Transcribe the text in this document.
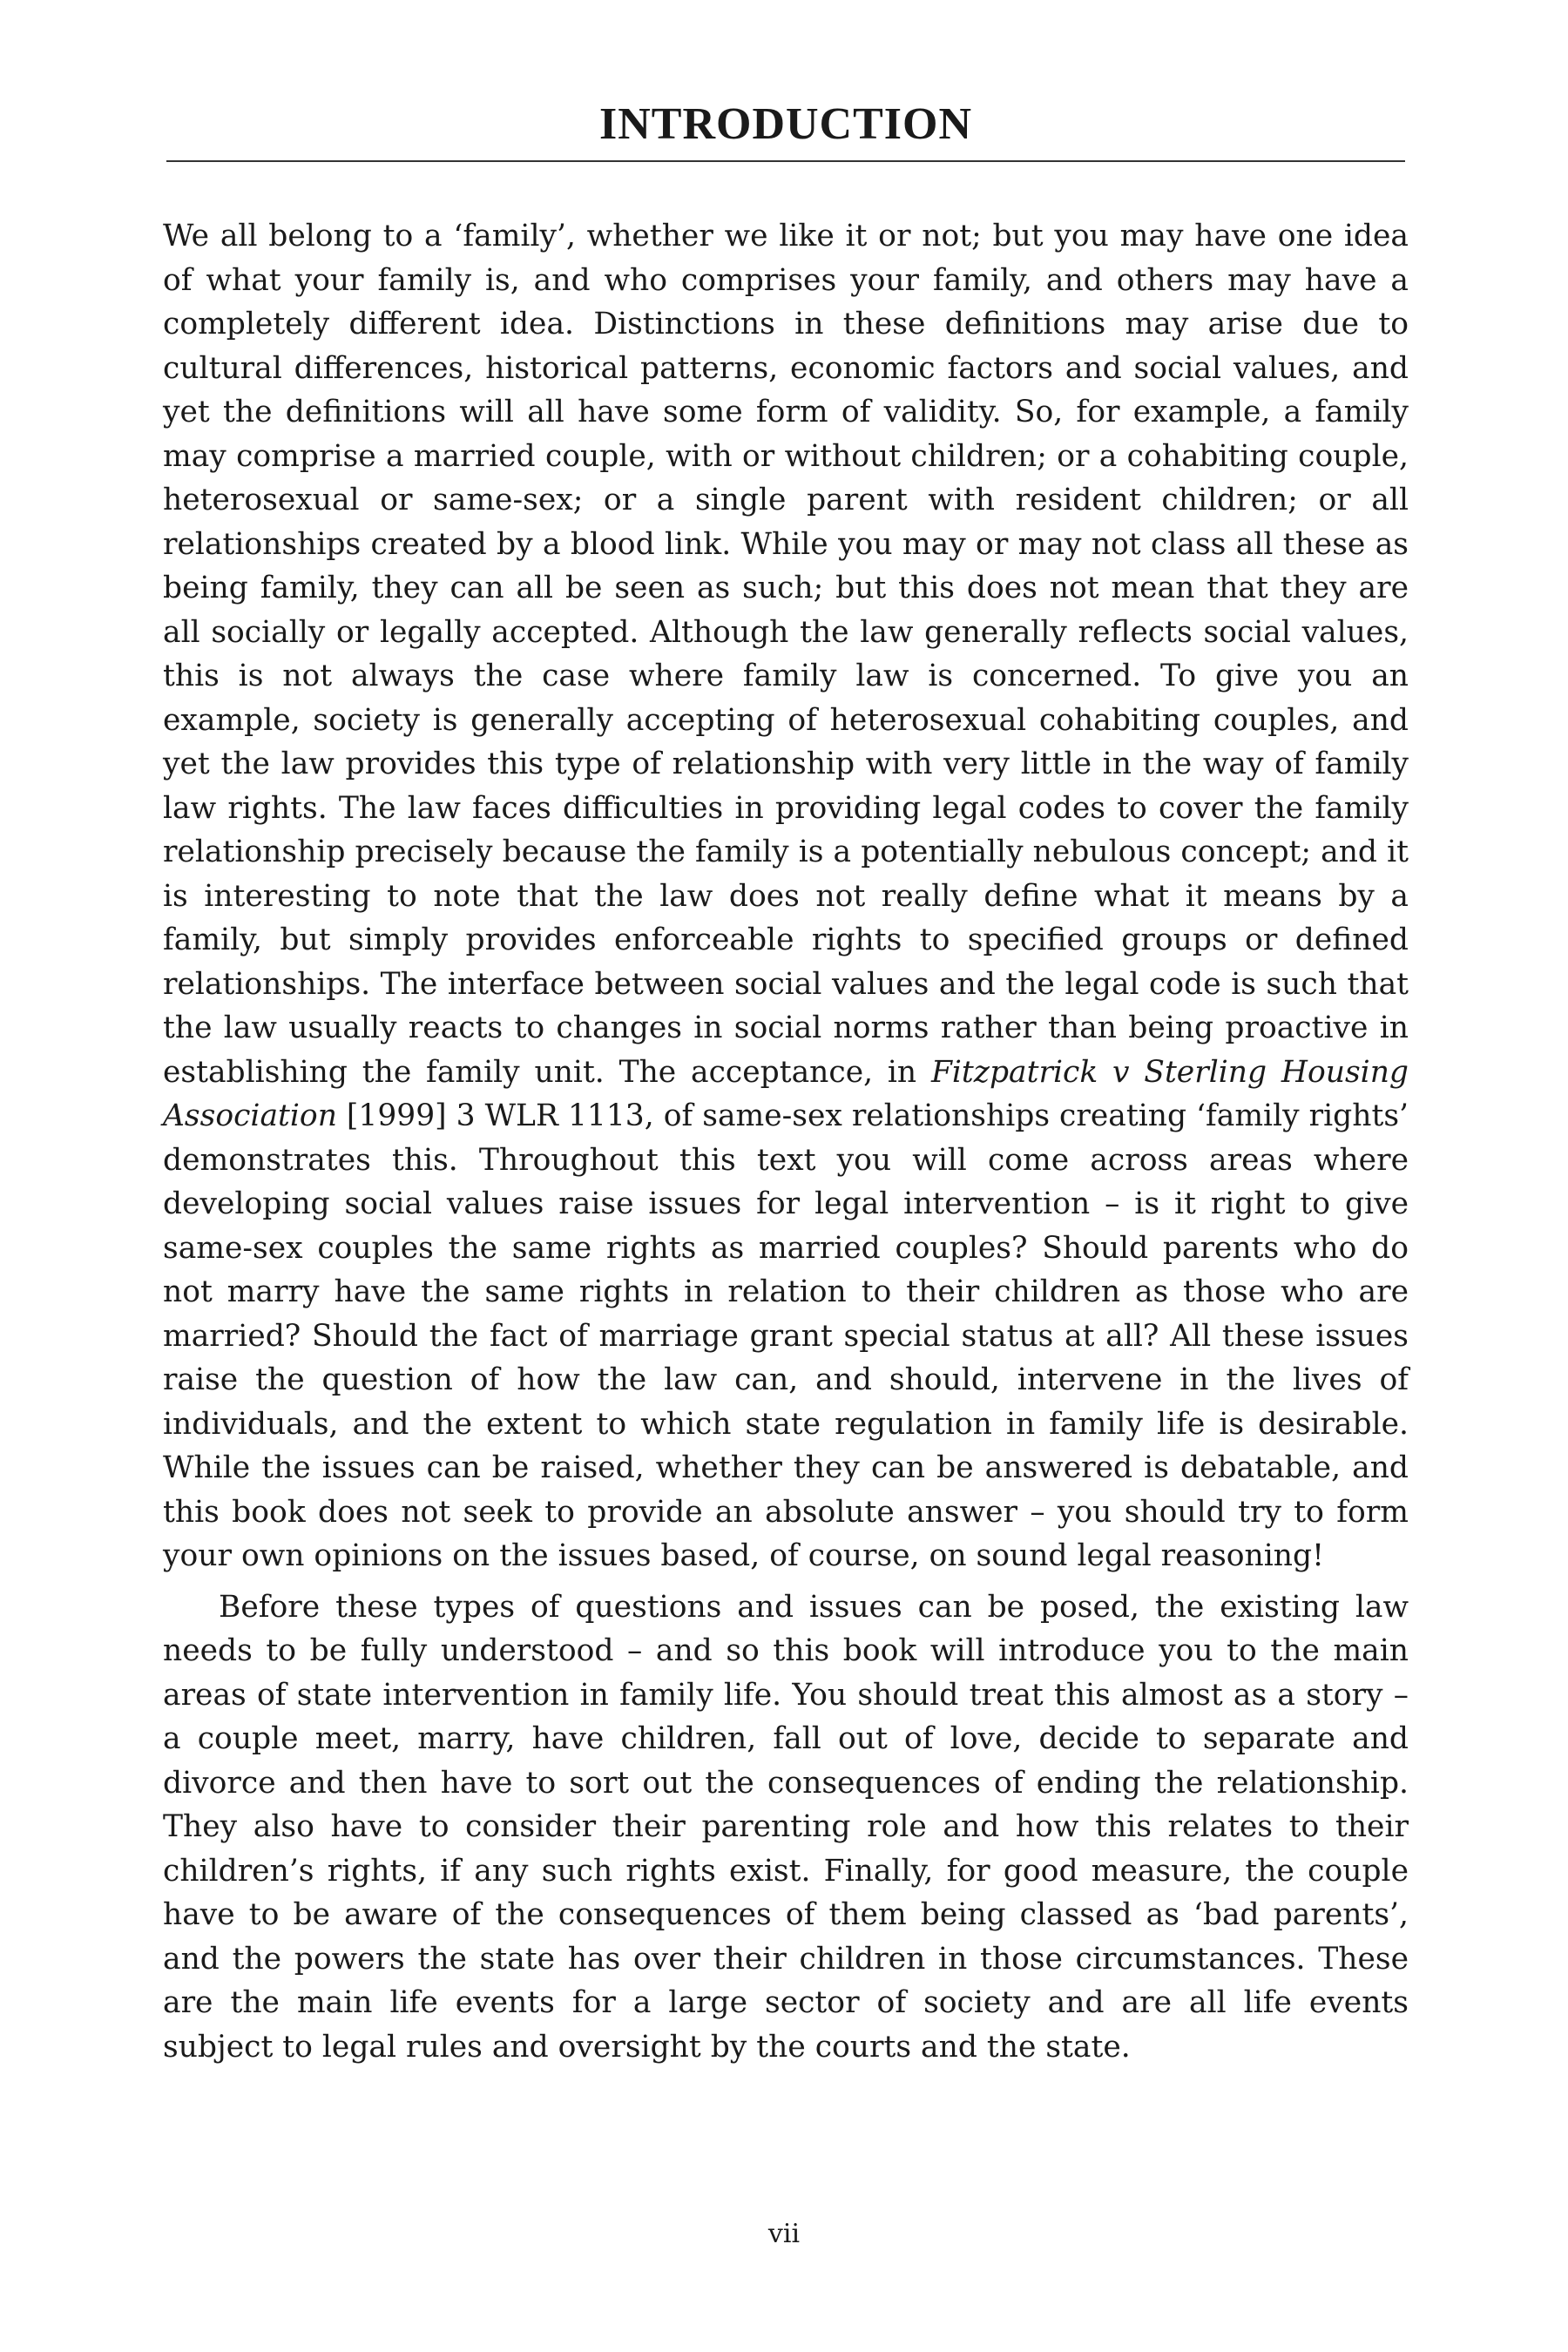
INTRODUCTION

We all belong to a ‘family’, whether we like it or not; but you may have one idea of what your family is, and who comprises your family, and others may have a completely different idea. Distinctions in these definitions may arise due to cultural differences, historical patterns, economic factors and social values, and yet the definitions will all have some form of validity. So, for example, a family may comprise a married couple, with or without children; or a cohabiting couple, heterosexual or same-sex; or a single parent with resident children; or all relationships created by a blood link. While you may or may not class all these as being family, they can all be seen as such; but this does not mean that they are all socially or legally accepted. Although the law generally reflects social values, this is not always the case where family law is concerned. To give you an example, society is generally accepting of heterosexual cohabiting couples, and yet the law provides this type of relationship with very little in the way of family law rights. The law faces difficulties in providing legal codes to cover the family relationship precisely because the family is a potentially nebulous concept; and it is interesting to note that the law does not really define what it means by a family, but simply provides enforceable rights to specified groups or defined relationships. The interface between social values and the legal code is such that the law usually reacts to changes in social norms rather than being proactive in establishing the family unit. The acceptance, in Fitzpatrick v Sterling Housing Association [1999] 3 WLR 1113, of same-sex relationships creating ‘family rights’ demonstrates this. Throughout this text you will come across areas where developing social values raise issues for legal intervention – is it right to give same-sex couples the same rights as married couples? Should parents who do not marry have the same rights in relation to their children as those who are married? Should the fact of marriage grant special status at all? All these issues raise the question of how the law can, and should, intervene in the lives of individuals, and the extent to which state regulation in family life is desirable. While the issues can be raised, whether they can be answered is debatable, and this book does not seek to provide an absolute answer – you should try to form your own opinions on the issues based, of course, on sound legal reasoning!

Before these types of questions and issues can be posed, the existing law needs to be fully understood – and so this book will introduce you to the main areas of state intervention in family life. You should treat this almost as a story – a couple meet, marry, have children, fall out of love, decide to separate and divorce and then have to sort out the consequences of ending the relationship. They also have to consider their parenting role and how this relates to their children’s rights, if any such rights exist. Finally, for good measure, the couple have to be aware of the consequences of them being classed as ‘bad parents’, and the powers the state has over their children in those circumstances. These are the main life events for a large sector of society and are all life events subject to legal rules and oversight by the courts and the state.

vii
